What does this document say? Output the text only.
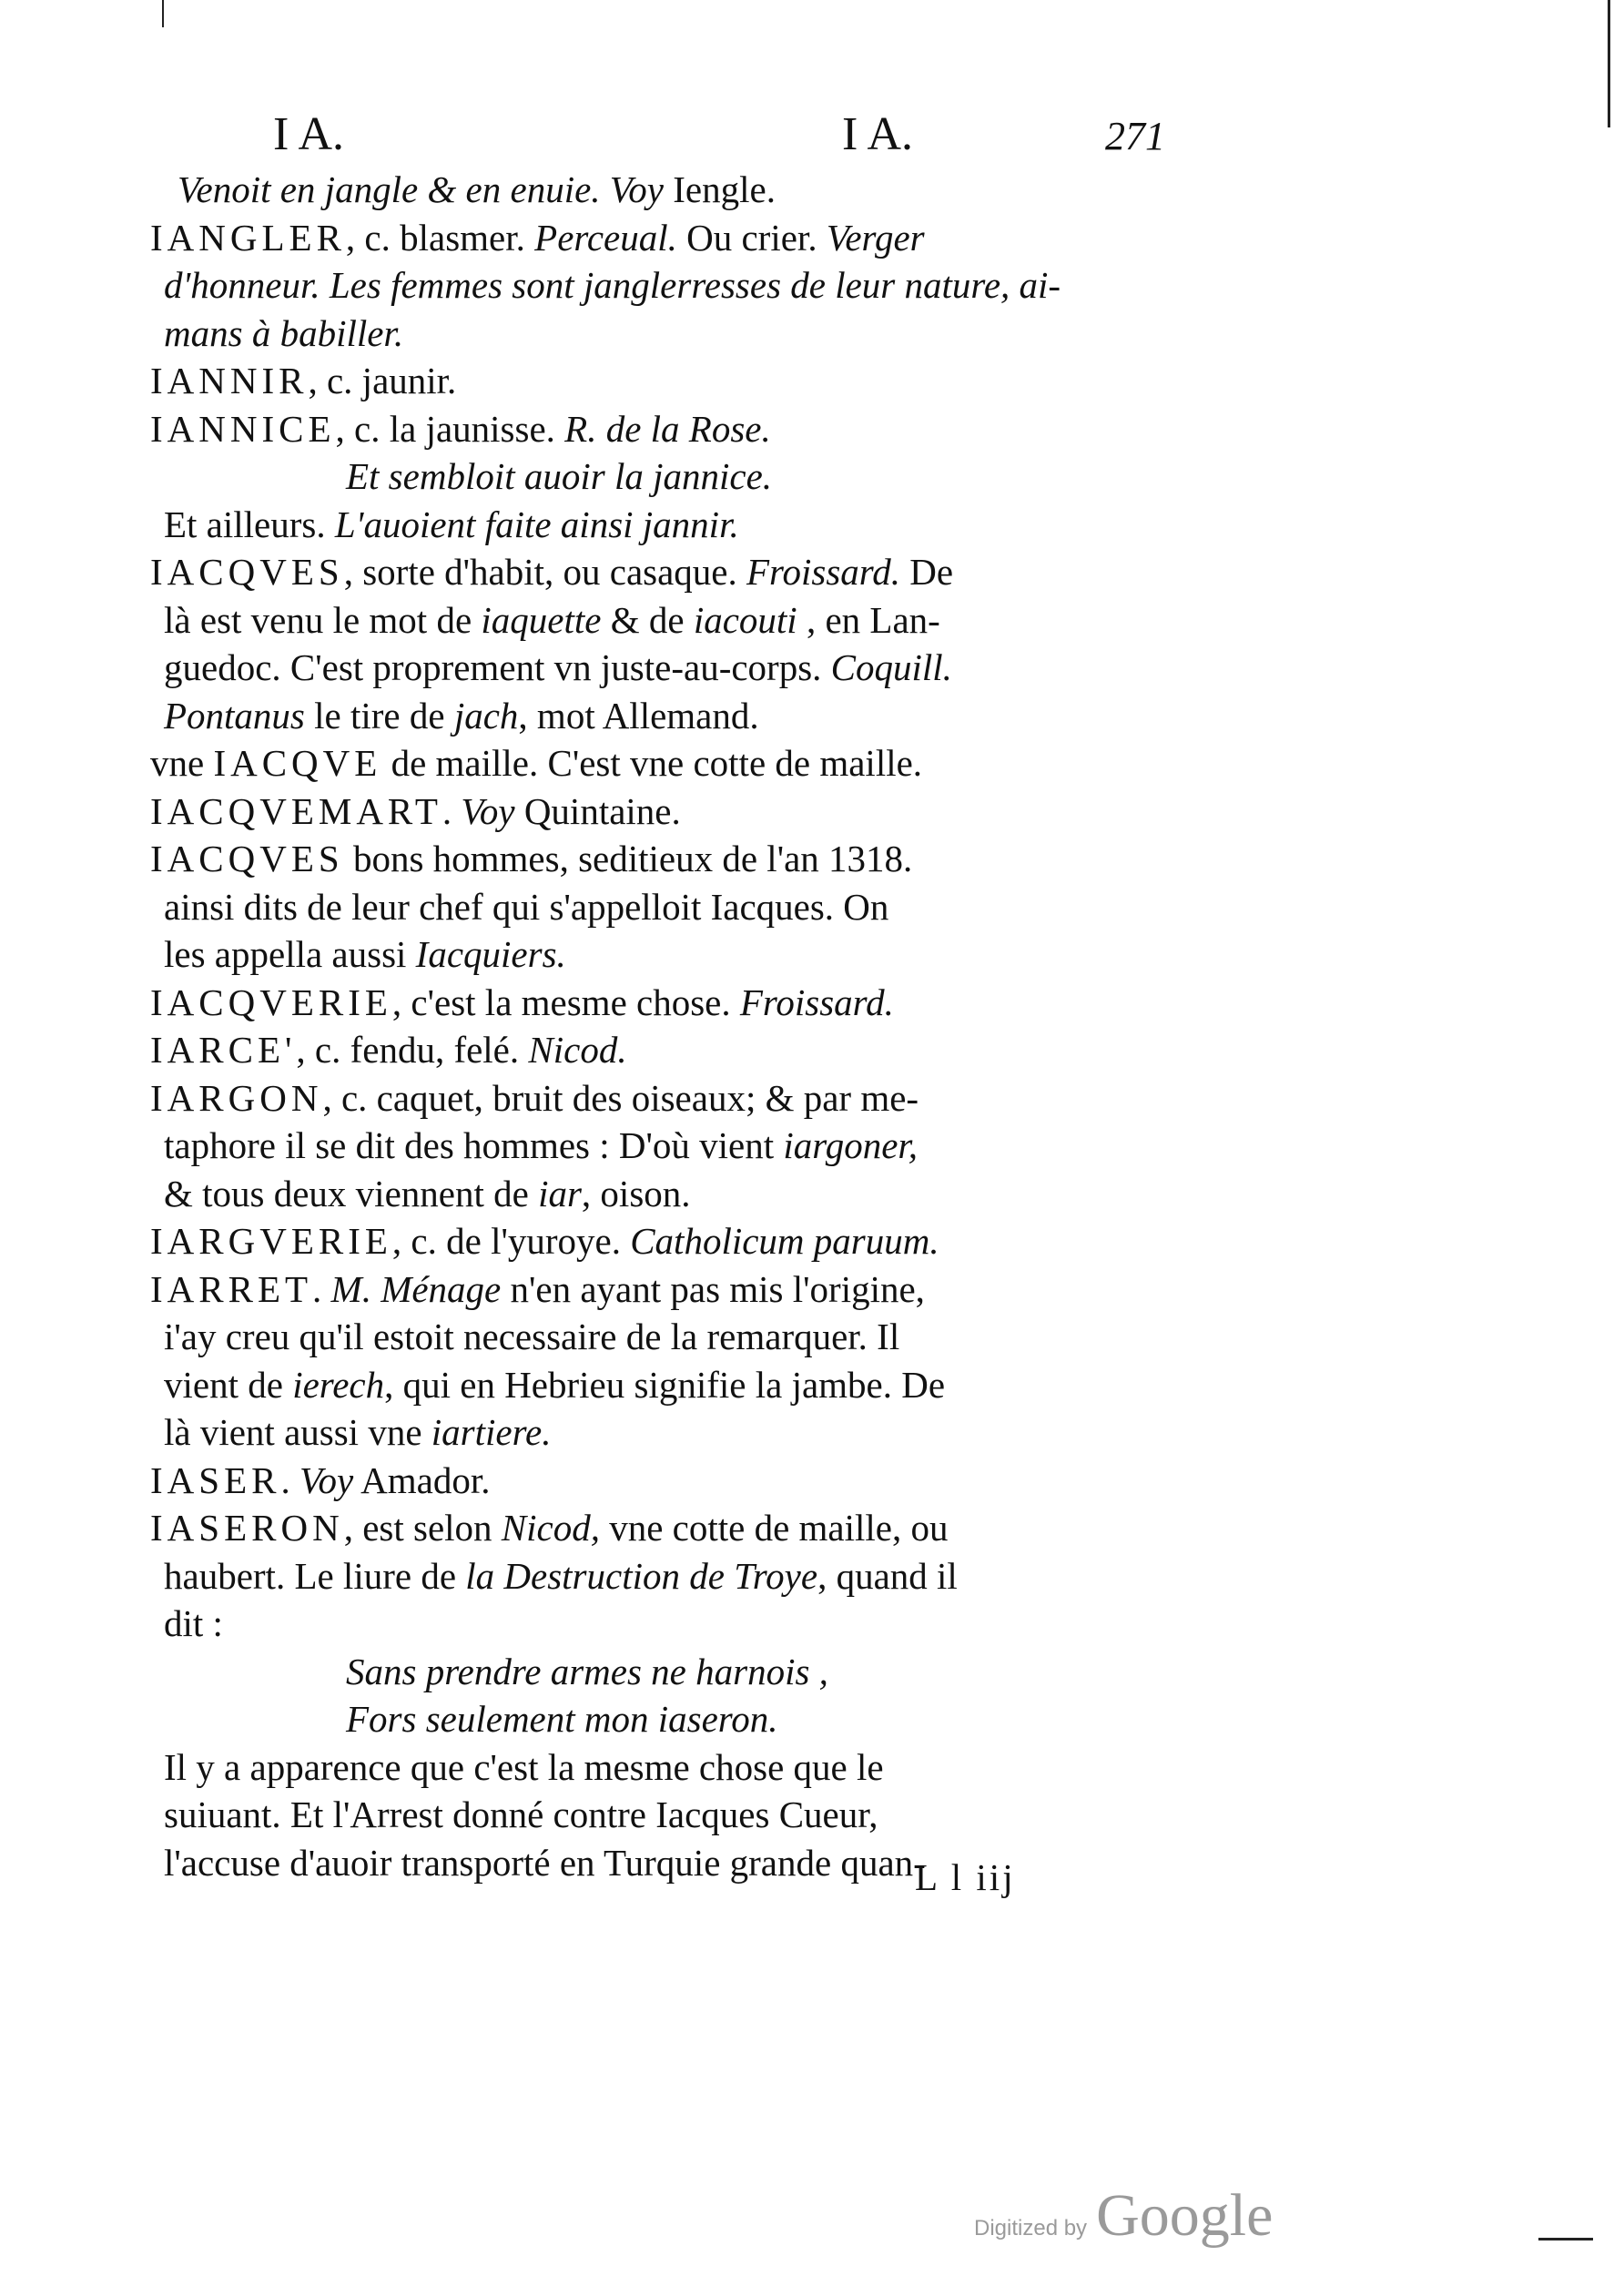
I A.	I A.	271
Venoit en jangle & en enuie. Voy Iengle.
IANGLER, c. blasmer. Perceual. Ou crier. Verger
d'honneur. Les femmes sont janglerresses de leur nature, ai-
mans à babiller.
IANNIR, c. jaunir.
IANNICE, c. la jaunisse. R. de la Rose.
Et sembloit auoir la jannice.
Et ailleurs. L'auoient faite ainsi jannir.
IACQVES, sorte d'habit, ou casaque. Froissard. De
là est venu le mot de iaquette & de iacouti , en Lan-
guedoc. C'est proprement vn juste-au-corps. Coquill.
Pontanus le tire de jach, mot Allemand.
vne IACQVE de maille. C'est vne cotte de maille.
IACQVEMART. Voy Quintaine.
IACQVES bons hommes, seditieux de l'an 1318.
ainsi dits de leur chef qui s'appelloit Iacques. On
les appella aussi Iacquiers.
IACQVERIE, c'est la mesme chose. Froissard.
IARCE', c. fendu, felé. Nicod.
IARGON, c. caquet, bruit des oiseaux; & par me-
taphore il se dit des hommes : D'où vient iargoner,
& tous deux viennent de iar, oison.
IARGVERIE, c. de l'yuroye. Catholicum paruum.
IARRET. M. Ménage n'en ayant pas mis l'origine,
i'ay creu qu'il estoit necessaire de la remarquer. Il
vient de ierech, qui en Hebrieu signifie la jambe. De
là vient aussi vne iartiere.
IASER. Voy Amador.
IASERON, est selon Nicod, vne cotte de maille, ou
haubert. Le liure de la Destruction de Troye, quand il
dit :
Sans prendre armes ne harnois ,
Fors seulement mon iaseron.
Il y a apparence que c'est la mesme chose que le
suiuant. Et l'Arrest donné contre Iacques Cueur,
l'accuse d'auoir transporté en Turquie grande quan-
L l iij
Digitized by Google
